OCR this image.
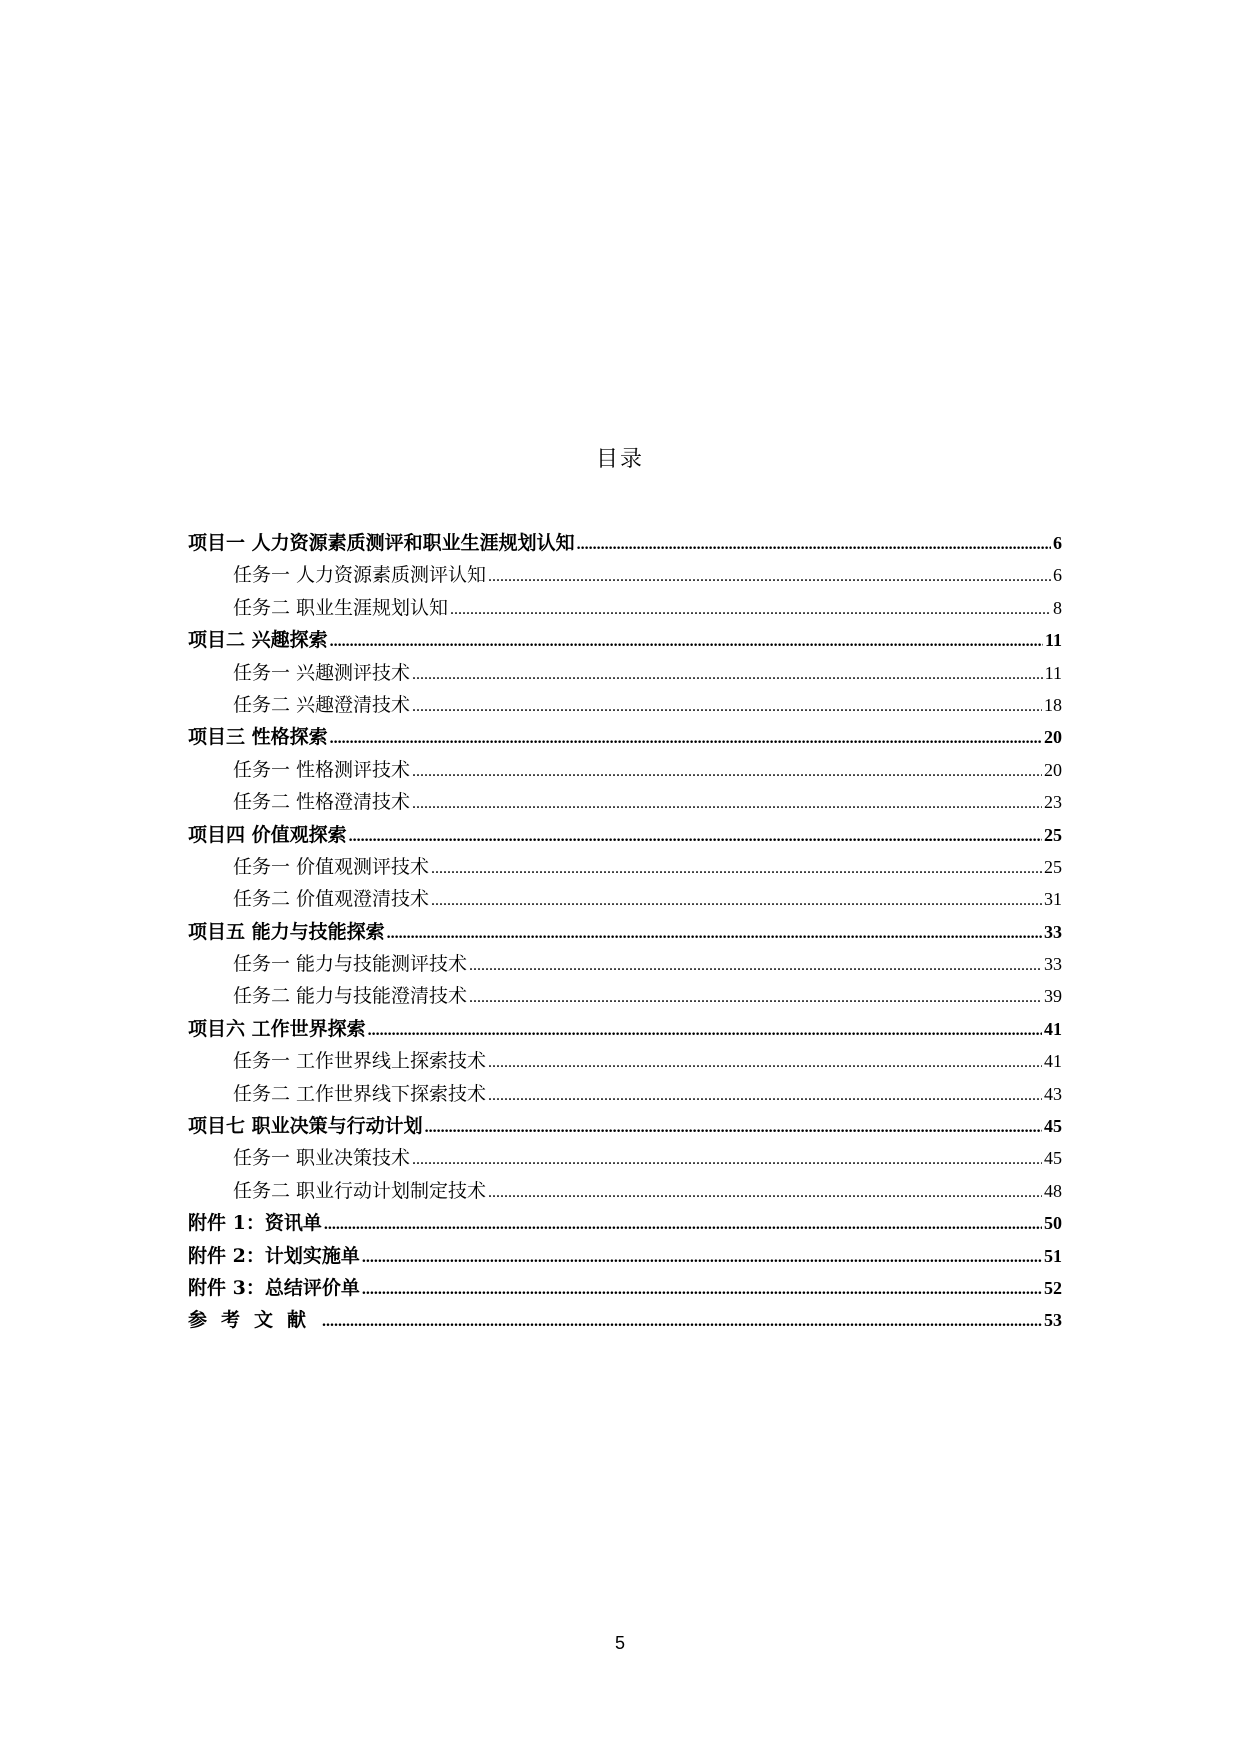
目录
项目一 人力资源素质测评和职业生涯规划认知 .....	6
任务一 人力资源素质测评认知 .....	6
任务二 职业生涯规划认知 .....	8
项目二 兴趣探索 .....	11
任务一 兴趣测评技术 .....	11
任务二 兴趣澄清技术 .....	18
项目三 性格探索 .....	20
任务一 性格测评技术 .....	20
任务二 性格澄清技术 .....	23
项目四 价值观探索 .....	25
任务一 价值观测评技术 .....	25
任务二 价值观澄清技术 .....	31
项目五 能力与技能探索 .....	33
任务一 能力与技能测评技术 .....	33
任务二 能力与技能澄清技术 .....	39
项目六 工作世界探索 .....	41
任务一 工作世界线上探索技术 .....	41
任务二 工作世界线下探索技术 .....	43
项目七 职业决策与行动计划 .....	45
任务一 职业决策技术 .....	45
任务二 职业行动计划制定技术 .....	48
附件 1：资讯单 .....	50
附件 2：计划实施单 .....	51
附件 3：总结评价单 .....	52
参考文献 .....	53
5
